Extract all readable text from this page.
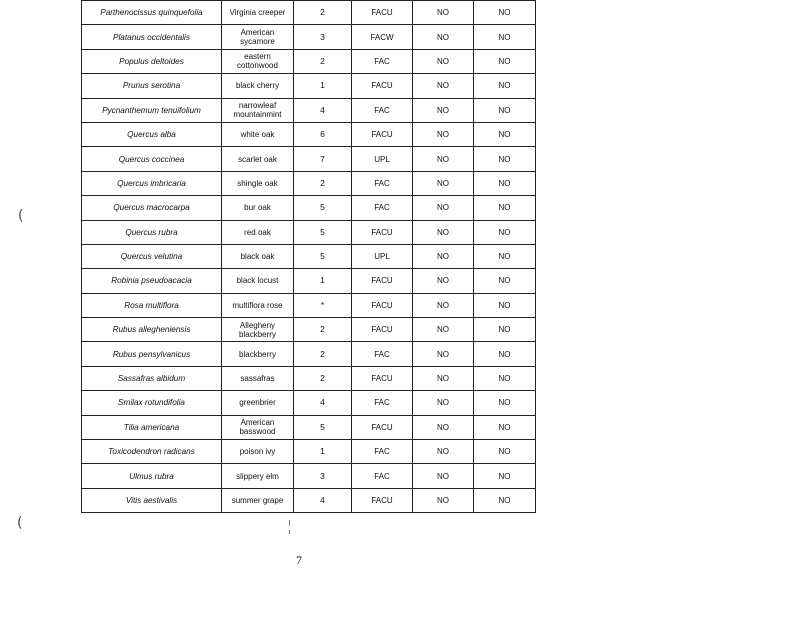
Parthenocissus quinquefolia	Virginia creeper	2	FACU	NO	NO
Platanus occidentalis	American sycamore	3	FACW	NO	NO
Populus deltoides	eastern cottonwood	2	FAC	NO	NO
Prunus serotina	black cherry	1	FACU	NO	NO
Pycnanthemum tenuifolium	narrowleaf mountainmint	4	FAC	NO	NO
Quercus alba	white oak	6	FACU	NO	NO
Quercus coccinea	scarlet oak	7	UPL	NO	NO
Quercus imbricaria	shingle oak	2	FAC	NO	NO
Quercus macrocarpa	bur oak	5	FAC	NO	NO
Quercus rubra	red oak	5	FACU	NO	NO
Quercus velutina	black oak	5	UPL	NO	NO
Robinia pseudoacacia	black locust	1	FACU	NO	NO
Rosa multiflora	multiflora rose	*	FACU	NO	NO
Rubus allegheniensis	Allegheny blackberry	2	FACU	NO	NO
Rubus pensylvanicus	blackberry	2	FAC	NO	NO
Sassafras albidum	sassafras	2	FACU	NO	NO
Smilax rotundifolia	greenbrier	4	FAC	NO	NO
Tilia americana	American basswood	5	FACU	NO	NO
Toxicodendron radicans	poison ivy	1	FAC	NO	NO
Ulmus rubra	slippery elm	3	FAC	NO	NO
Vitis aestivalis	summer grape	4	FACU	NO	NO
(
(
7
